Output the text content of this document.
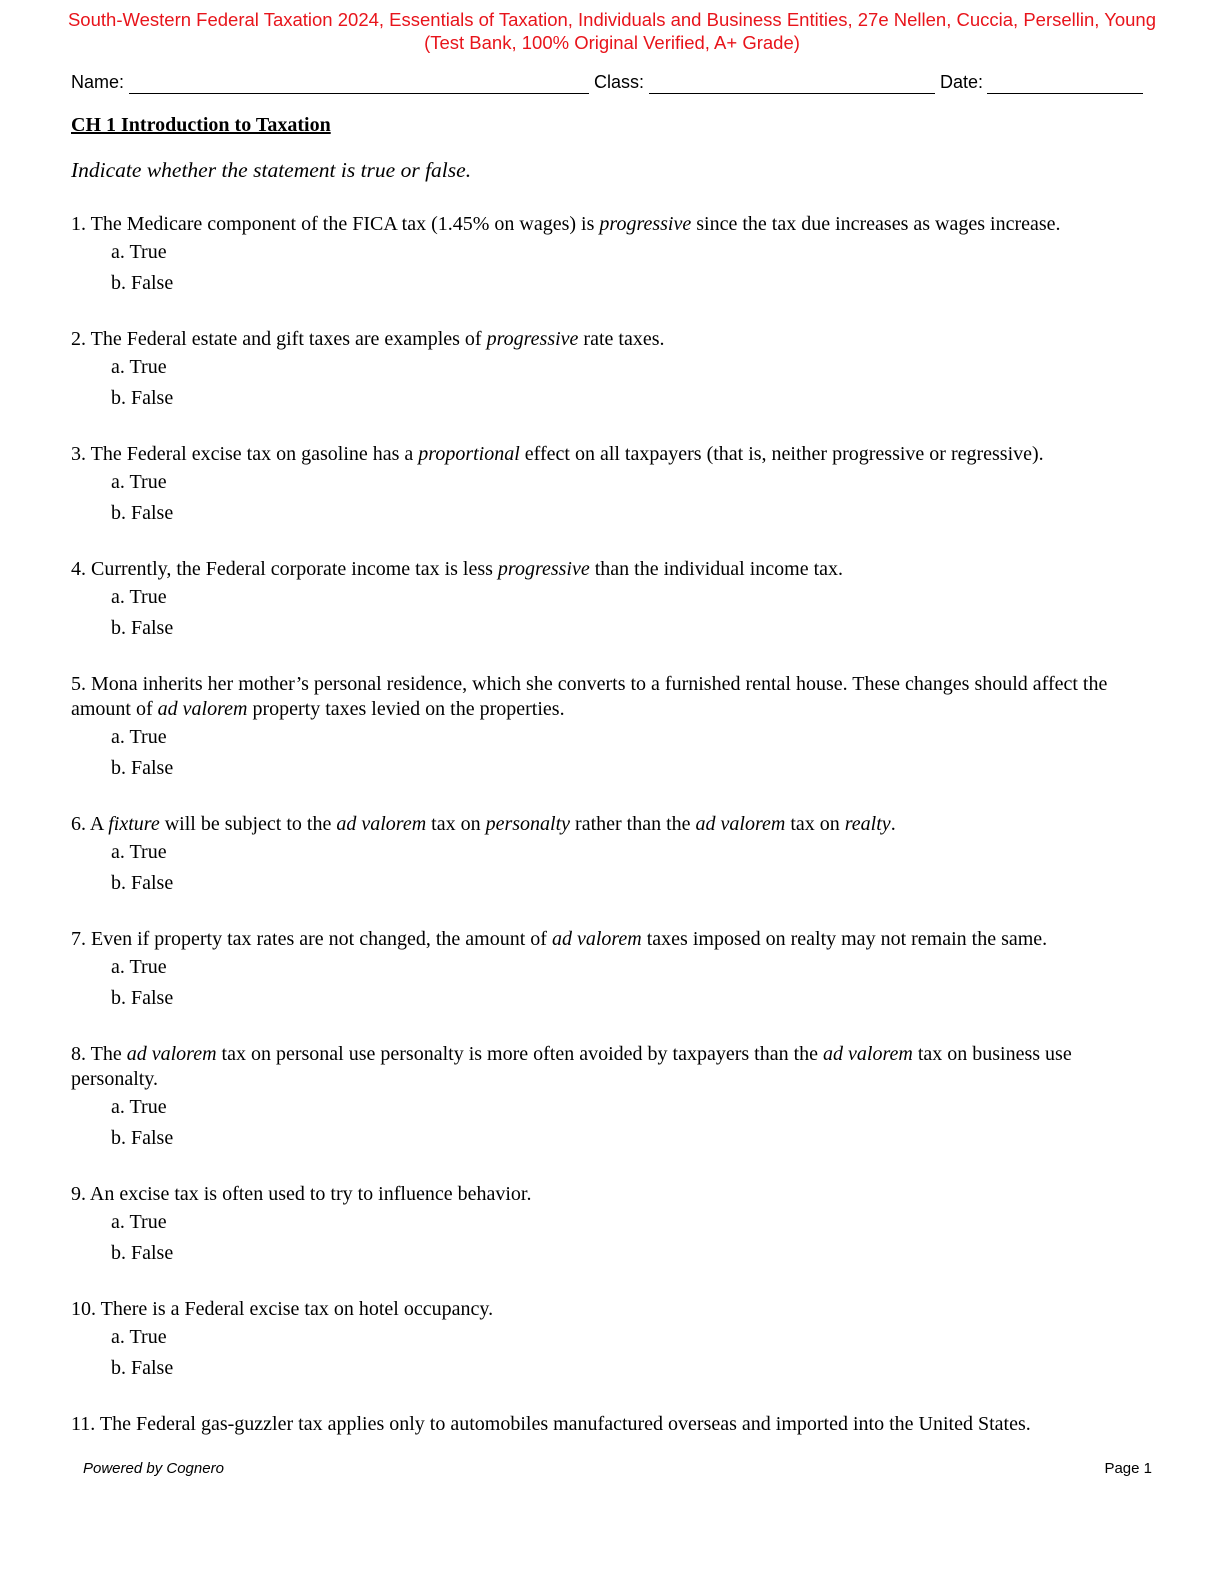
South-Western Federal Taxation 2024, Essentials of Taxation, Individuals and Business Entities, 27e Nellen, Cuccia, Persellin, Young
(Test Bank, 100% Original Verified, A+ Grade)
Name:	Class:	Date:
CH 1 Introduction to Taxation
Indicate whether the statement is true or false.
1. The Medicare component of the FICA tax (1.45% on wages) is progressive since the tax due increases as wages increase.
a. True
b. False
2. The Federal estate and gift taxes are examples of progressive rate taxes.
a. True
b. False
3. The Federal excise tax on gasoline has a proportional effect on all taxpayers (that is, neither progressive or regressive).
a. True
b. False
4. Currently, the Federal corporate income tax is less progressive than the individual income tax.
a. True
b. False
5. Mona inherits her mother’s personal residence, which she converts to a furnished rental house. These changes should affect the amount of ad valorem property taxes levied on the properties.
a. True
b. False
6. A fixture will be subject to the ad valorem tax on personalty rather than the ad valorem tax on realty.
a. True
b. False
7. Even if property tax rates are not changed, the amount of ad valorem taxes imposed on realty may not remain the same.
a. True
b. False
8. The ad valorem tax on personal use personalty is more often avoided by taxpayers than the ad valorem tax on business use personalty.
a. True
b. False
9. An excise tax is often used to try to influence behavior.
a. True
b. False
10. There is a Federal excise tax on hotel occupancy.
a. True
b. False
11. The Federal gas-guzzler tax applies only to automobiles manufactured overseas and imported into the United States.
Powered by Cognero	Page 1
